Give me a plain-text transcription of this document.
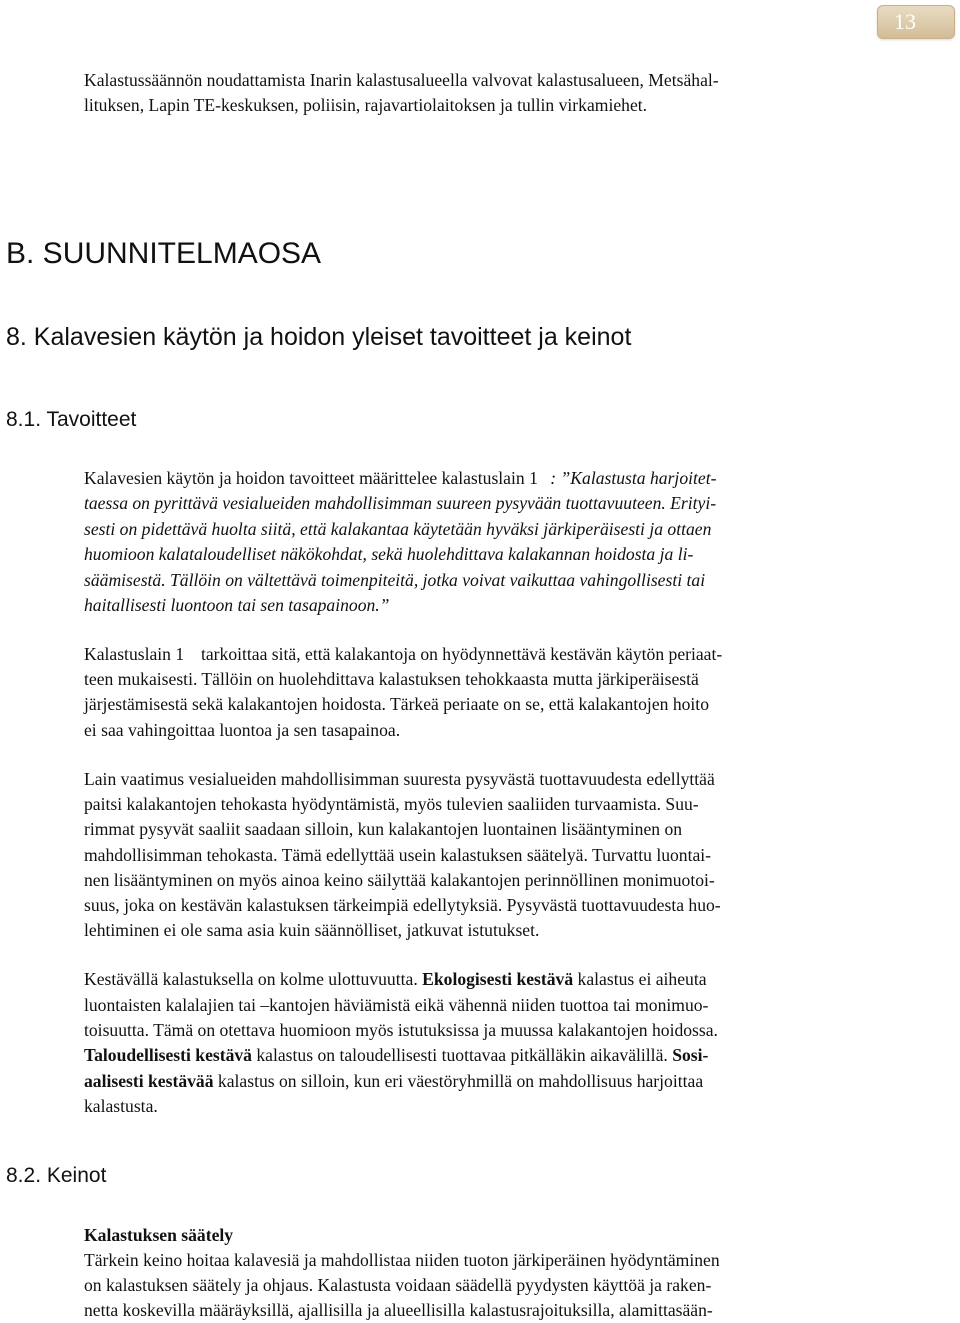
13
Kalastussäännön noudattamista Inarin kalastusalueella valvovat kalastusalueen, Metsähal-
lituksen, Lapin TE-keskuksen, poliisin, rajavartiolaitoksen ja tullin virkamiehet.
B. SUUNNITELMAOSA
8. Kalavesien käytön ja hoidon yleiset tavoitteet ja keinot
8.1. Tavoitteet
Kalavesien käytön ja hoidon tavoitteet määrittelee kalastuslain 1 : ”Kalastusta harjoitet-
taessa on pyrittävä vesialueiden mahdollisimman suureen pysyvään tuottavuuteen. Erityi-
sesti on pidettävä huolta siitä, että kalakantaa käytetään hyväksi järkiperäisesti ja ottaen
huomioon kalataloudelliset näkökohdat, sekä huolehdittava kalakannan hoidosta ja li-
säämisestä. Tällöin on vältettävä toimenpiteitä, jotka voivat vaikuttaa vahingollisesti tai
haitallisesti luontoon tai sen tasapainoon.”
Kalastuslain 1  tarkoittaa sitä, että kalakantoja on hyödynnettävä kestävän käytön periaat-
teen mukaisesti. Tällöin on huolehdittava kalastuksen tehokkaasta mutta järkiperäisestä
järjestämisestä sekä kalakantojen hoidosta. Tärkeä periaate on se, että kalakantojen hoito
ei saa vahingoittaa luontoa ja sen tasapainoa.
Lain vaatimus vesialueiden mahdollisimman suuresta pysyvästä tuottavuudesta edellyttää
paitsi kalakantojen tehokasta hyödyntämistä, myös tulevien saaliiden turvaamista. Suu-
rimmat pysyvät saaliit saadaan silloin, kun kalakantojen luontainen lisääntyminen on
mahdollisimman tehokasta. Tämä edellyttää usein kalastuksen säätelyä. Turvattu luontai-
nen lisääntyminen on myös ainoa keino säilyttää kalakantojen perinnöllinen monimuotoi-
suus, joka on kestävän kalastuksen tärkeimpiä edellytyksiä. Pysyvästä tuottavuudesta huo-
lehtiminen ei ole sama asia kuin säännölliset, jatkuvat istutukset.
Kestävällä kalastuksella on kolme ulottuvuutta. Ekologisesti kestävä kalastus ei aiheuta
luontaisten kalalajien tai –kantojen häviämistä eikä vähennä niiden tuottoa tai monimuo-
toisuutta. Tämä on otettava huomioon myös istutuksissa ja muussa kalakantojen hoidossa.
Taloudellisesti kestävä kalastus on taloudellisesti tuottavaa pitkälläkin aikavälillä. Sosi-
aalisesti kestävää kalastus on silloin, kun eri väestöryhmillä on mahdollisuus harjoittaa
kalastusta.
8.2. Keinot
Kalastuksen säätely
Tärkein keino hoitaa kalavesiä ja mahdollistaa niiden tuoton järkiperäinen hyödyntäminen
on kalastuksen säätely ja ohjaus. Kalastusta voidaan säädellä pyydysten käyttöä ja raken-
netta koskevilla määräyksillä, ajallisilla ja alueellisilla kalastusrajoituksilla, alamittasään-
